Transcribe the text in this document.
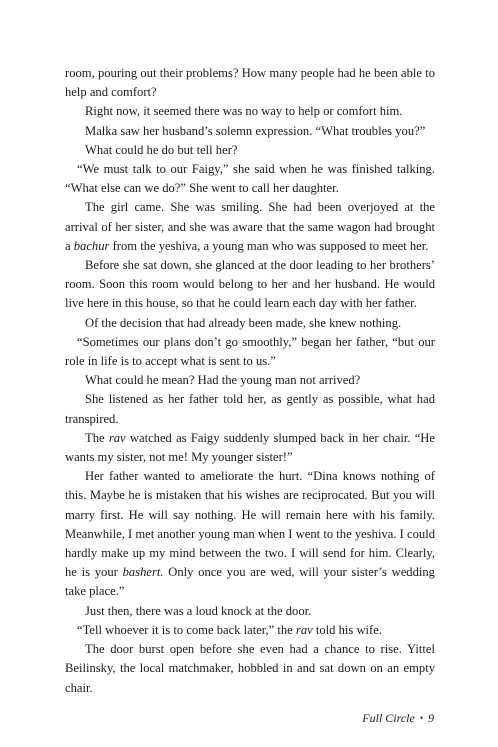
room, pouring out their problems? How many people had he been able to help and comfort?

Right now, it seemed there was no way to help or comfort him.

Malka saw her husband’s solemn expression. “What troubles you?”

What could he do but tell her?

“We must talk to our Faigy,” she said when he was finished talking. “What else can we do?” She went to call her daughter.

The girl came. She was smiling. She had been overjoyed at the arrival of her sister, and she was aware that the same wagon had brought a bachur from the yeshiva, a young man who was supposed to meet her.

Before she sat down, she glanced at the door leading to her brothers’ room. Soon this room would belong to her and her husband. He would live here in this house, so that he could learn each day with her father.

Of the decision that had already been made, she knew nothing.

“Sometimes our plans don’t go smoothly,” began her father, “but our role in life is to accept what is sent to us.”

What could he mean? Had the young man not arrived?

She listened as her father told her, as gently as possible, what had transpired.

The rav watched as Faigy suddenly slumped back in her chair. “He wants my sister, not me! My younger sister!”

Her father wanted to ameliorate the hurt. “Dina knows nothing of this. Maybe he is mistaken that his wishes are reciprocated. But you will marry first. He will say nothing. He will remain here with his family. Meanwhile, I met another young man when I went to the yeshiva. I could hardly make up my mind between the two. I will send for him. Clearly, he is your bashert. Only once you are wed, will your sister’s wedding take place.”

Just then, there was a loud knock at the door.

“Tell whoever it is to come back later,” the rav told his wife.

The door burst open before she even had a chance to rise. Yittel Beilinsky, the local matchmaker, hobbled in and sat down on an empty chair.

Full Circle • 9
